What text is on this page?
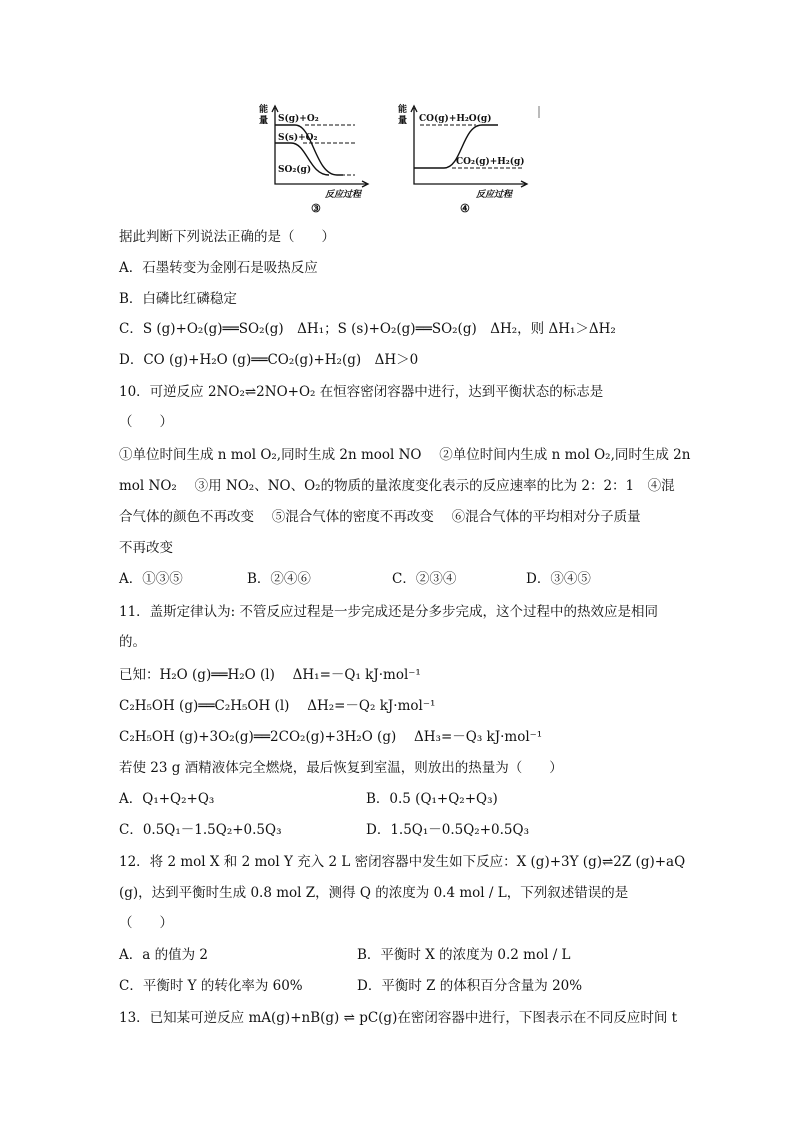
能
量 S(g)+O₂
S(s)+O₂
SO₂(g)
反应过程
③
能
量 CO(g)+H₂O(g)
CO₂(g)+H₂(g)
反应过程
④
据此判断下列说法正确的是（　　）
A．石墨转变为金刚石是吸热反应
B．白磷比红磷稳定
C．S (g)+O₂(g)══SO₂(g)　ΔH₁；S (s)+O₂(g)══SO₂(g)　ΔH₂，则 ΔH₁＞ΔH₂
D．CO (g)+H₂O (g)══CO₂(g)+H₂(g)　ΔH＞0
10．可逆反应 2NO₂⇌2NO+O₂ 在恒容密闭容器中进行，达到平衡状态的标志是
（　　）
①单位时间生成 n mol O₂,同时生成 2n mool NO　 ②单位时间内生成 n mol O₂,同时生成 2n
mol NO₂　 ③用 NO₂、NO、O₂的物质的量浓度变化表示的反应速率的比为 2：2：1　④混
合气体的颜色不再改变　 ⑤混合气体的密度不再改变　 ⑥混合气体的平均相对分子质量
不再改变
A．①③⑤	B．②④⑥	C．②③④	D．③④⑤
11．盖斯定律认为: 不管反应过程是一步完成还是分多步完成，这个过程中的热效应是相同
的。
已知：H₂O (g)══H₂O (l)　 ΔH₁=－Q₁ kJ·mol⁻¹
C₂H₅OH (g)══C₂H₅OH (l)　 ΔH₂=－Q₂ kJ·mol⁻¹
C₂H₅OH (g)+3O₂(g)══2CO₂(g)+3H₂O (g)　 ΔH₃=－Q₃ kJ·mol⁻¹
若使 23 g 酒精液体完全燃烧，最后恢复到室温，则放出的热量为（　　）
A．Q₁+Q₂+Q₃	B．0.5 (Q₁+Q₂+Q₃)
C．0.5Q₁－1.5Q₂+0.5Q₃	D．1.5Q₁－0.5Q₂+0.5Q₃
12．将 2 mol X 和 2 mol Y 充入 2 L 密闭容器中发生如下反应：X (g)+3Y (g)⇌2Z (g)+aQ
(g)，达到平衡时生成 0.8 mol Z，测得 Q 的浓度为 0.4 mol / L，下列叙述错误的是
（　　）
A．a 的值为 2	B．平衡时 X 的浓度为 0.2 mol / L
C．平衡时 Y 的转化率为 60%	D．平衡时 Z 的体积百分含量为 20%
13．已知某可逆反应 mA(g)+nB(g) ⇌ pC(g)在密闭容器中进行，下图表示在不同反应时间 t
